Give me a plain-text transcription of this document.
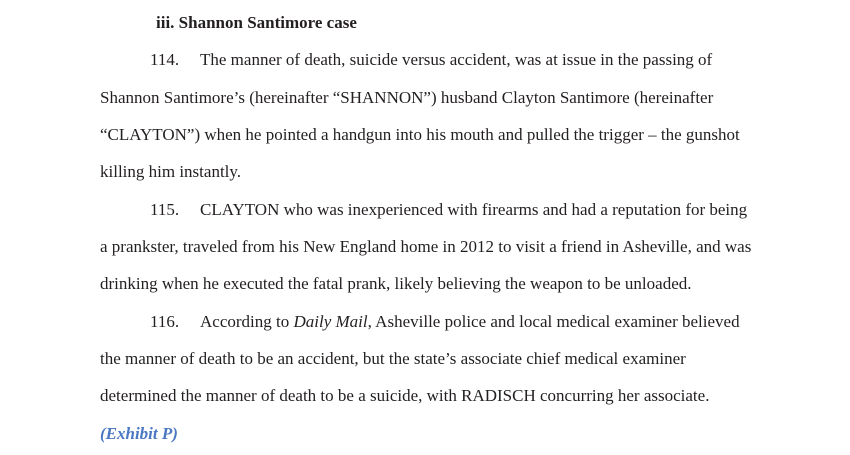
iii. Shannon Santimore case
114. The manner of death, suicide versus accident, was at issue in the passing of
Shannon Santimore’s (hereinafter “SHANNON”) husband Clayton Santimore (hereinafter
“CLAYTON”) when he pointed a handgun into his mouth and pulled the trigger – the gunshot
killing him instantly.
115. CLAYTON who was inexperienced with firearms and had a reputation for being
a prankster, traveled from his New England home in 2012 to visit a friend in Asheville, and was
drinking when he executed the fatal prank, likely believing the weapon to be unloaded.
116. According to Daily Mail, Asheville police and local medical examiner believed
the manner of death to be an accident, but the state’s associate chief medical examiner
determined the manner of death to be a suicide, with RADISCH concurring her associate.
(Exhibit P)
